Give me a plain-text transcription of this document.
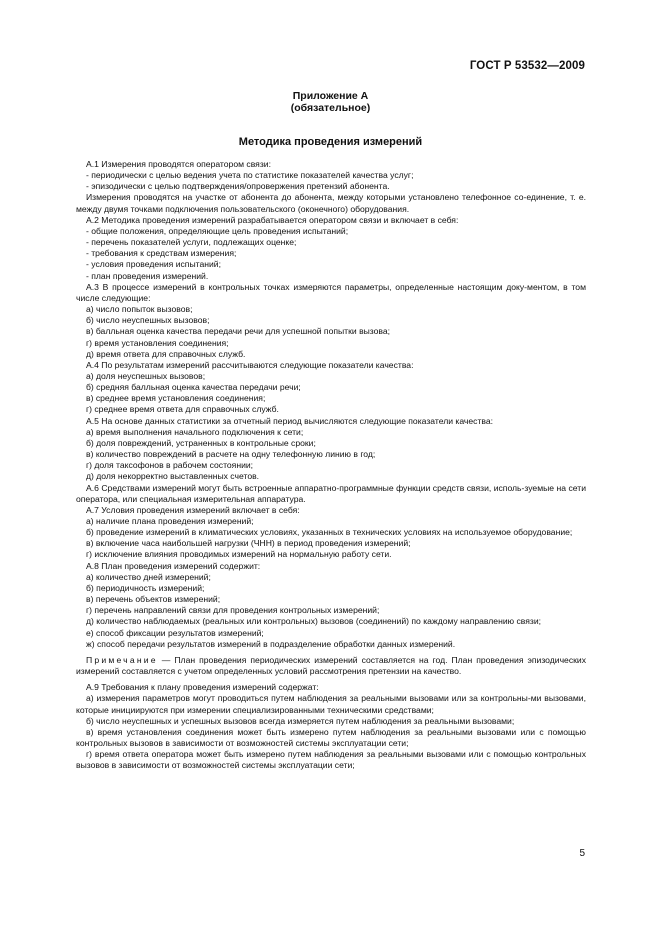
ГОСТ Р 53532—2009
Приложение А
(обязательное)
Методика проведения измерений

A.1 Измерения проводятся оператором связи:

- периодически с целью ведения учета по статистике показателей качества услуг;

- эпизодически с целью подтверждения/опровержения претензий абонента.

Измерения проводятся на участке от абонента до абонента, между которыми установлено телефонное со-единение, т. е. между двумя точками подключения пользовательского (оконечного) оборудования.

A.2 Методика проведения измерений разрабатывается оператором связи и включает в себя:

- общие положения, определяющие цель проведения испытаний;

- перечень показателей услуги, подлежащих оценке;

- требования к средствам измерения;

- условия проведения испытаний;

- план проведения измерений.

A.3 В процессе измерений в контрольных точках измеряются параметры, определенные настоящим доку-ментом, в том числе следующие:

а) число попыток вызовов;

б) число неуспешных вызовов;

в) балльная оценка качества передачи речи для успешной попытки вызова;

г) время установления соединения;

д) время ответа для справочных служб.

A.4 По результатам измерений рассчитываются следующие показатели качества:

а) доля неуспешных вызовов;

б) средняя балльная оценка качества передачи речи;

в) среднее время установления соединения;

г) среднее время ответа для справочных служб.

A.5 На основе данных статистики за отчетный период вычисляются следующие показатели качества:

а) время выполнения начального подключения к сети;

б) доля повреждений, устраненных в контрольные сроки;

в) количество повреждений в расчете на одну телефонную линию в год;

г) доля таксофонов в рабочем состоянии;

д) доля некорректно выставленных счетов.

A.6 Средствами измерений могут быть встроенные аппаратно-программные функции средств связи, исполь-зуемые на сети оператора, или специальная измерительная аппаратура.

A.7 Условия проведения измерений включает в себя:

а) наличие плана проведения измерений;

б) проведение измерений в климатических условиях, указанных в технических условиях на используемое оборудование;

в) включение часа наибольшей нагрузки (ЧНН) в период проведения измерений;

г) исключение влияния проводимых измерений на нормальную работу сети.

A.8 План проведения измерений содержит:

а) количество дней измерений;

б) периодичность измерений;

в) перечень объектов измерений;

г) перечень направлений связи для проведения контрольных измерений;

д) количество наблюдаемых (реальных или контрольных) вызовов (соединений) по каждому направлению связи;

е) способ фиксации результатов измерений;

ж) способ передачи результатов измерений в подразделение обработки данных измерений.

Примечание — План проведения периодических измерений составляется на год. План проведения эпизодических измерений составляется с учетом определенных условий рассмотрения претензии на качество.

A.9 Требования к плану проведения измерений содержат:

а) измерения параметров могут проводиться путем наблюдения за реальными вызовами или за контрольны-ми вызовами, которые инициируются при измерении специализированными техническими средствами;

б) число неуспешных и успешных вызовов всегда измеряется путем наблюдения за реальными вызовами;

в) время установления соединения может быть измерено путем наблюдения за реальными вызовами или с помощью контрольных вызовов в зависимости от возможностей системы эксплуатации сети;

г) время ответа оператора может быть измерено путем наблюдения за реальными вызовами или с помощью контрольных вызовов в зависимости от возможностей системы эксплуатации сети;

5
